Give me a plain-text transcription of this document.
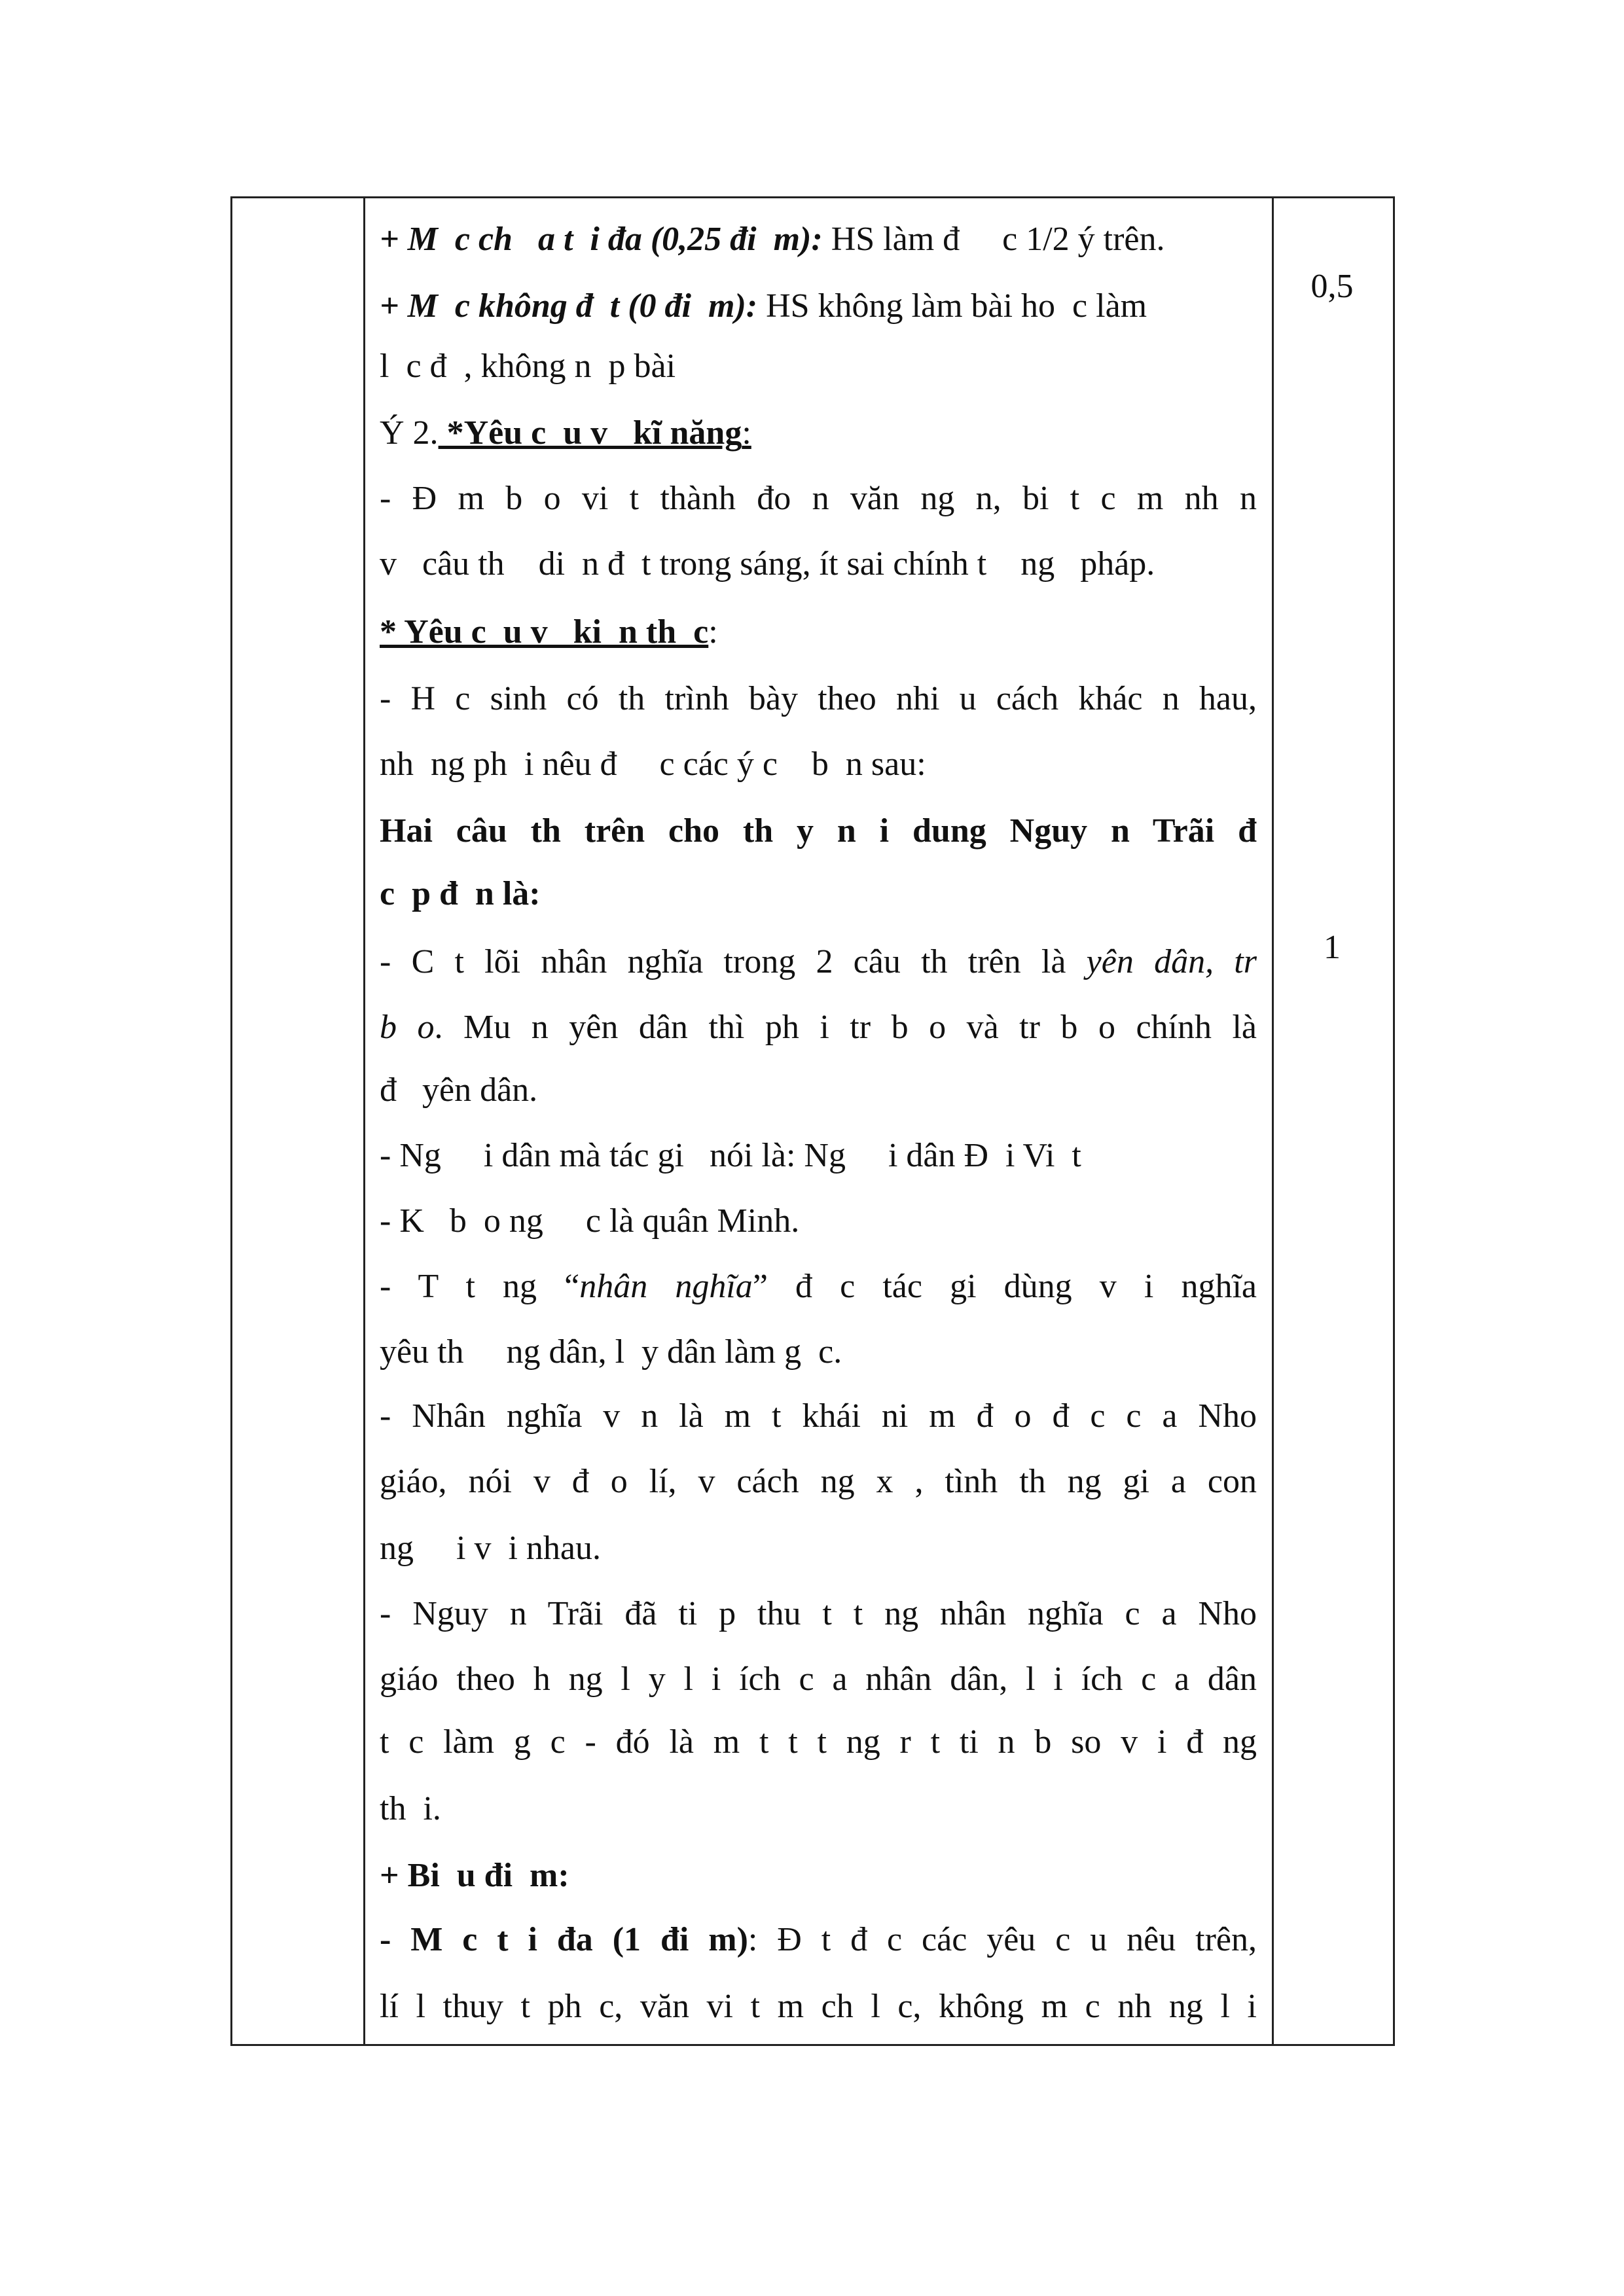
+ M  c ch   a t  i đa (0,25 đi  m): HS làm đ     c 1/2 ý trên.
+ M  c không đ  t (0 đi  m): HS không làm bài ho  c làm
l  c đ  , không n  p bài
Ý 2. *Yêu c  u v   kĩ năng:
- Đ m b o vi t thành đo n văn ng n, bi t c m nh n
v   câu th    di  n đ  t trong sáng, ít sai chính t    ng   pháp.
* Yêu c  u v   ki  n th  c:
- H c sinh có th trình bày theo nhi u cách khác n hau,
nh  ng ph  i nêu đ     c các ý c    b  n sau:
Hai câu th trên cho th y n i dung Nguy n Trãi đ
c  p đ  n là:
- C t lõi nhân nghĩa trong 2 câu th trên là yên dân, tr
b o. Mu n yên dân thì ph i tr b o và tr b o chính là
đ   yên dân.
- Ng     i dân mà tác gi   nói là: Ng     i dân Đ  i Vi  t
- K   b  o ng     c là quân Minh.
- T t ng “nhân nghĩa” đ c tác gi dùng v i nghĩa
yêu th     ng dân, l  y dân làm g  c.
- Nhân nghĩa v n là m t khái ni m đ o đ c c a Nho
giáo, nói v đ o lí, v cách ng x , tình th ng gi a con
ng     i v  i nhau.
- Nguy n Trãi đã ti p thu t t ng nhân nghĩa c a Nho
giáo theo h ng l y l i ích c a nhân dân, l i ích c a dân
t c làm g c - đó là m t t t ng r t ti n b so v i đ ng
th  i.
+ Bi  u đi  m:
- M c t i đa (1 đi m): Đ t đ c các yêu c u nêu trên,
lí l thuy t ph c, văn vi t m ch l c, không m c nh ng l i
0,5
1
